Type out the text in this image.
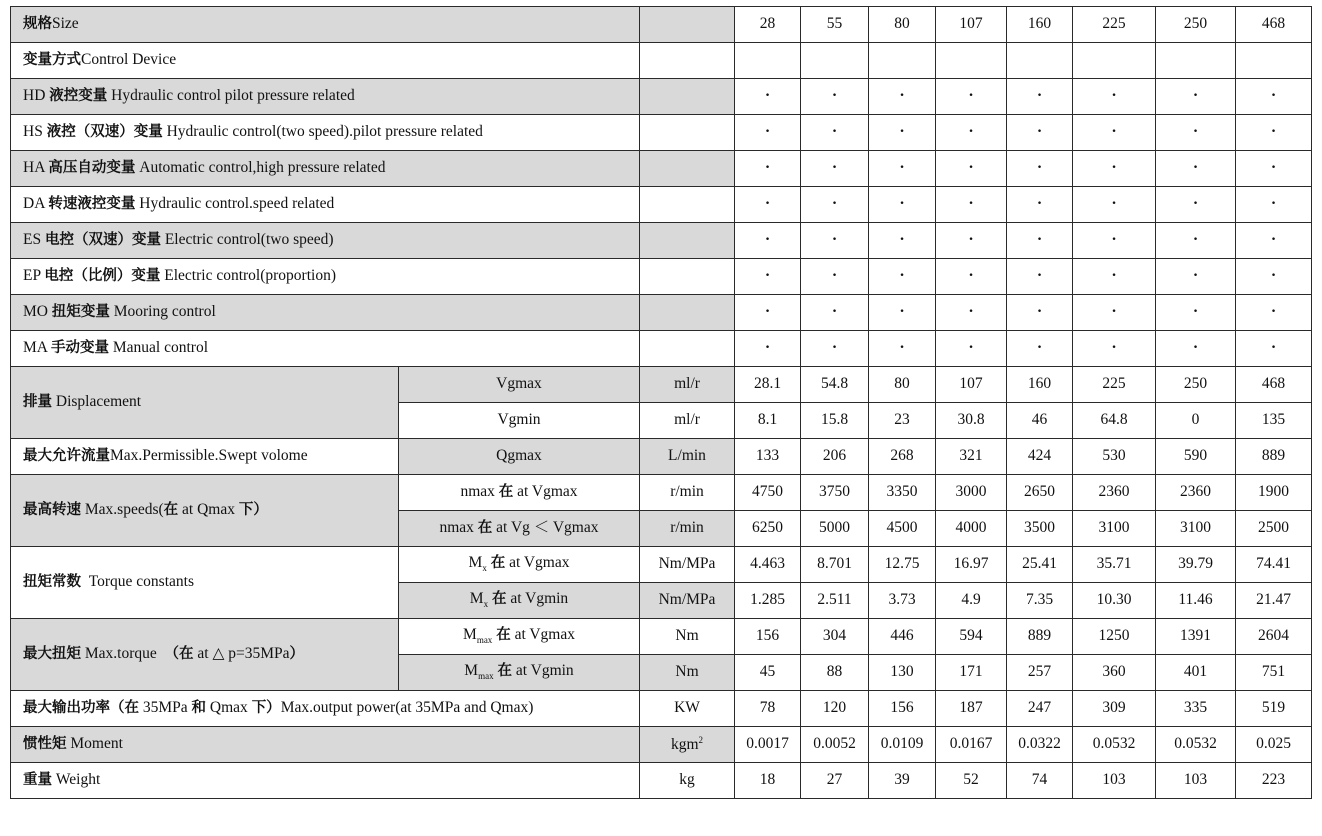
规格Size			28	55	80	107	160	225	250	468
变量方式Control Device										
HD 液控变量 Hydraulic control pilot pressure related			·	·	·	·	·	·	·	·
HS 液控（双速）变量 Hydraulic control(two speed).pilot pressure related			·	·	·	·	·	·	·	·
HA 高压自动变量 Automatic control,high pressure related			·	·	·	·	·	·	·	·
DA 转速液控变量 Hydraulic control.speed related			·	·	·	·	·	·	·	·
ES 电控（双速）变量 Electric control(two speed)			·	·	·	·	·	·	·	·
EP 电控（比例）变量 Electric control(proportion)			·	·	·	·	·	·	·	·
MO 扭矩变量 Mooring control			·	·	·	·	·	·	·	·
MA 手动变量 Manual control			·	·	·	·	·	·	·	·
排量 Displacement	Vgmax	ml/r	28.1	54.8	80	107	160	225	250	468
	Vgmin	ml/r	8.1	15.8	23	30.8	46	64.8	0	135
最大允许流量Max.Permissible.Swept volome	Qgmax	L/min	133	206	268	321	424	530	590	889
最高转速 Max.speeds(在 at Qmax 下）	nmax 在 at Vgmax	r/min	4750	3750	3350	3000	2650	2360	2360	1900
	nmax 在 at Vg ＜ Vgmax	r/min	6250	5000	4500	4000	3500	3100	3100	2500
扭矩常数 Torque constants	$M_x$ 在 at Vgmax	Nm/MPa	4.463	8.701	12.75	16.97	25.41	35.71	39.79	74.41
	$M_x$ 在 at Vgmin	Nm/MPa	1.285	2.511	3.73	4.9	7.35	10.30	11.46	21.47
最大扭矩 Max.torque （在 at △ p=35MPa）	$M_{max}$ 在 at Vgmax	Nm	156	304	446	594	889	1250	1391	2604
	$M_{max}$ 在 at Vgmin	Nm	45	88	130	171	257	360	401	751
最大输出功率（在 35MPa 和 Qmax 下）Max.output power(at 35MPa and Qmax)		KW	78	120	156	187	247	309	335	519
惯性矩 Moment		kgm$^2$	0.0017	0.0052	0.0109	0.0167	0.0322	0.0532	0.0532	0.025
重量 Weight		kg	18	27	39	52	74	103	103	223
